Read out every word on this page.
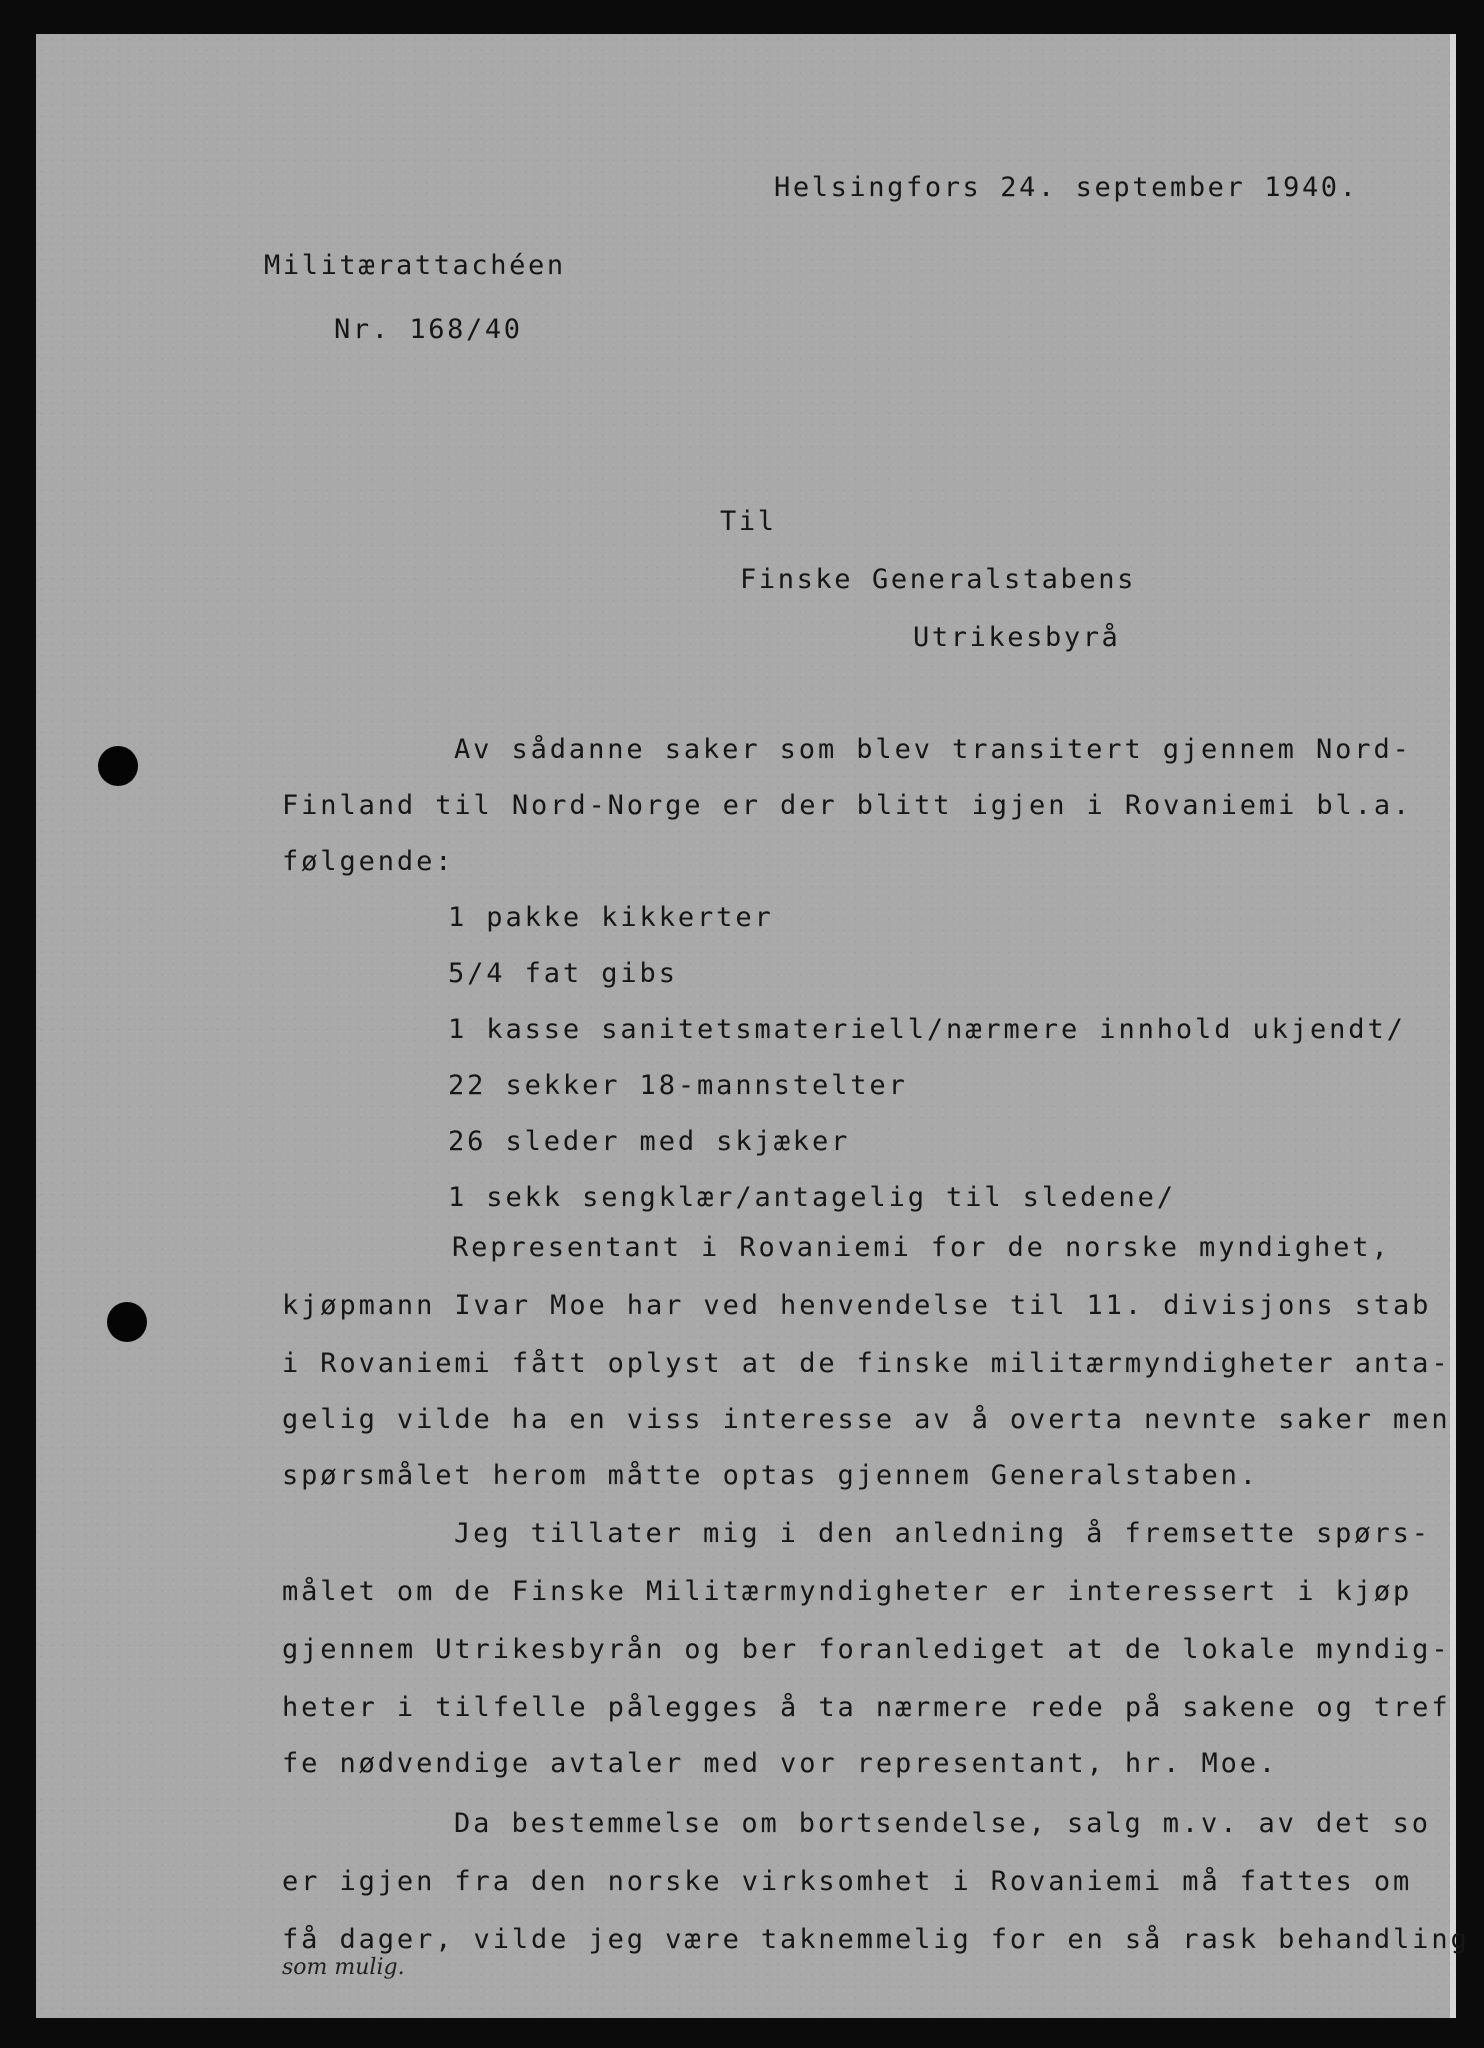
Helsingfors 24. september 1940.
Militærattachéen
Nr. 168/40
Til
Finske Generalstabens
Utrikesbyrå
Av sådanne saker som blev transitert gjennem Nord-
Finland til Nord-Norge er der blitt igjen i Rovaniemi bl.a.
følgende:
1 pakke kikkerter
5/4 fat gibs
1 kasse sanitetsmateriell/nærmere innhold ukjendt/
22 sekker 18-mannstelter
26 sleder med skjæker
1 sekk sengklær/antagelig til sledene/
Representant i Rovaniemi for de norske myndighet,
kjøpmann Ivar Moe har ved henvendelse til 11. divisjons stab
i Rovaniemi fått oplyst at de finske militærmyndigheter anta-
gelig vilde ha en viss interesse av å overta nevnte saker men
spørsmålet herom måtte optas gjennem Generalstaben.
Jeg tillater mig i den anledning å fremsette spørs-
målet om de Finske Militærmyndigheter er interessert i kjøp
gjennem Utrikesbyrån og ber foranlediget at de lokale myndig-
heter i tilfelle pålegges å ta nærmere rede på sakene og tref
fe nødvendige avtaler med vor representant, hr. Moe.
Da bestemmelse om bortsendelse, salg m.v. av det so
er igjen fra den norske virksomhet i Rovaniemi må fattes om
få dager, vilde jeg være taknemmelig for en så rask behandling
som mulig.
